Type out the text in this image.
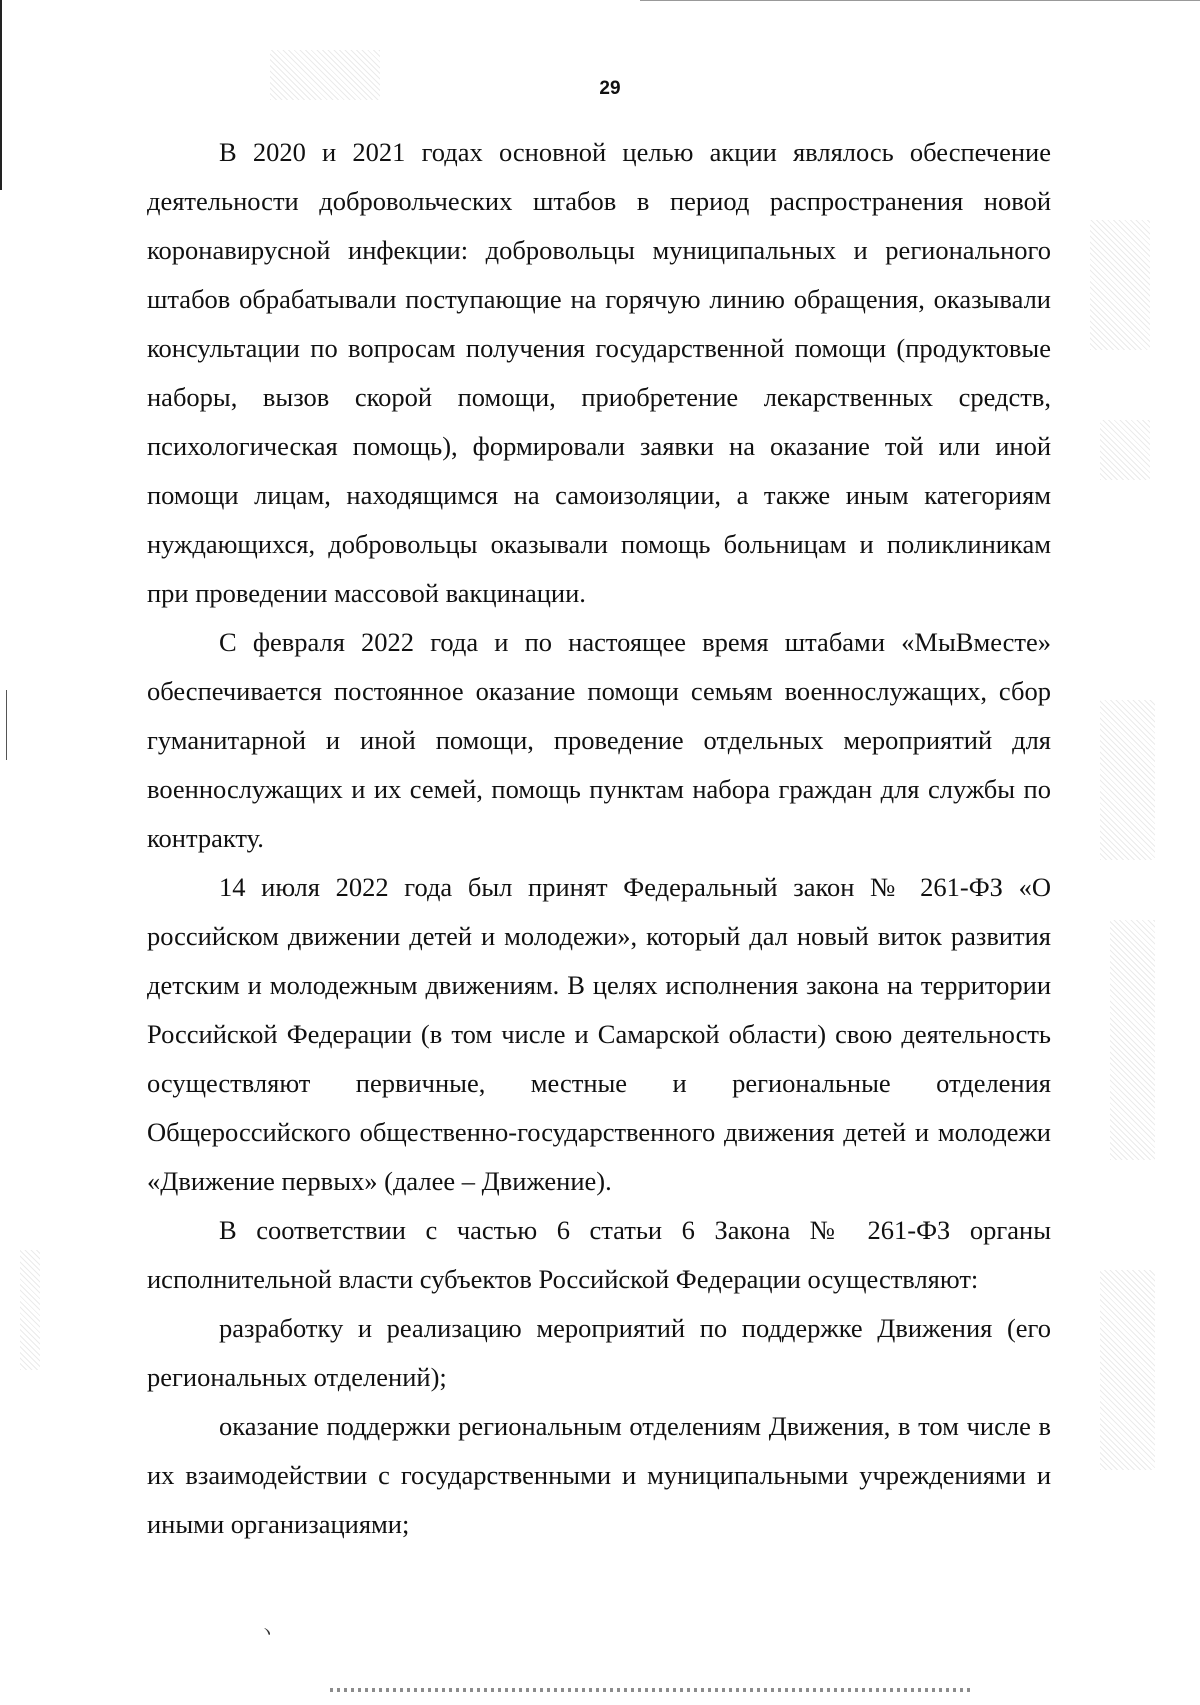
29

В 2020 и 2021 годах основной целью акции являлось обеспечение деятельности добровольческих штабов в период распространения новой коронавирусной инфекции: добровольцы муниципальных и регионального штабов обрабатывали поступающие на горячую линию обращения, оказывали консультации по вопросам получения государственной помощи (продуктовые наборы, вызов скорой помощи, приобретение лекарственных средств, психологическая помощь), формировали заявки на оказание той или иной помощи лицам, находящимся на самоизоляции, а также иным категориям нуждающихся, добровольцы оказывали помощь больницам и поликлиникам при проведении массовой вакцинации.

С февраля 2022 года и по настоящее время штабами «МыВместе» обеспечивается постоянное оказание помощи семьям военнослужащих, сбор гуманитарной и иной помощи, проведение отдельных мероприятий для военнослужащих и их семей, помощь пунктам набора граждан для службы по контракту.

14 июля 2022 года был принят Федеральный закон № 261-ФЗ «О российском движении детей и молодежи», который дал новый виток развития детским и молодежным движениям. В целях исполнения закона на территории Российской Федерации (в том числе и Самарской области) свою деятельность осуществляют первичные, местные и региональные отделения Общероссийского общественно-государственного движения детей и молодежи «Движение первых» (далее – Движение).

В соответствии с частью 6 статьи 6 Закона № 261-ФЗ органы исполнительной власти субъектов Российской Федерации осуществляют:

разработку и реализацию мероприятий по поддержке Движения (его региональных отделений);

оказание поддержки региональным отделениям Движения, в том числе в их взаимодействии с государственными и муниципальными учреждениями и иными организациями;

ヽ
